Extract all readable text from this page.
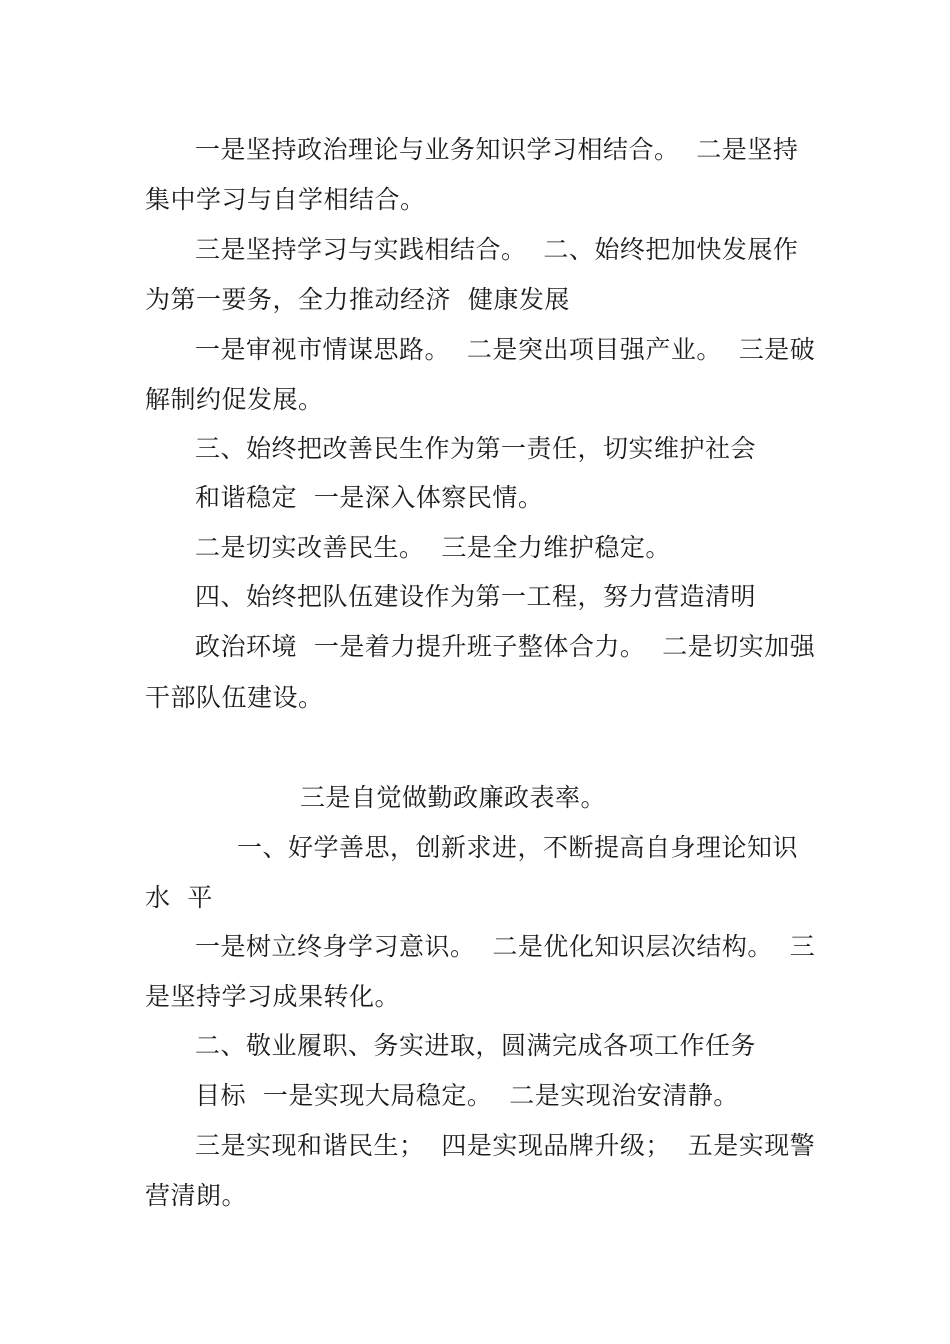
一是坚持政治理论与业务知识学习相结合。  二是坚持
集中学习与自学相结合。
三是坚持学习与实践相结合。  二、始终把加快发展作
为第一要务，全力推动经济  健康发展
一是审视市情谋思路。  二是突出项目强产业。  三是破
解制约促发展。
三、始终把改善民生作为第一责任，切实维护社会
和谐稳定  一是深入体察民情。
二是切实改善民生。  三是全力维护稳定。
四、始终把队伍建设作为第一工程，努力营造清明
政治环境  一是着力提升班子整体合力。  二是切实加强
干部队伍建设。
三是自觉做勤政廉政表率。
一、好学善思，创新求进，不断提高自身理论知识
水  平
一是树立终身学习意识。  二是优化知识层次结构。  三
是坚持学习成果转化。
二、敬业履职、务实进取，圆满完成各项工作任务
目标  一是实现大局稳定。  二是实现治安清静。
三是实现和谐民生；  四是实现品牌升级；  五是实现警
营清朗。
